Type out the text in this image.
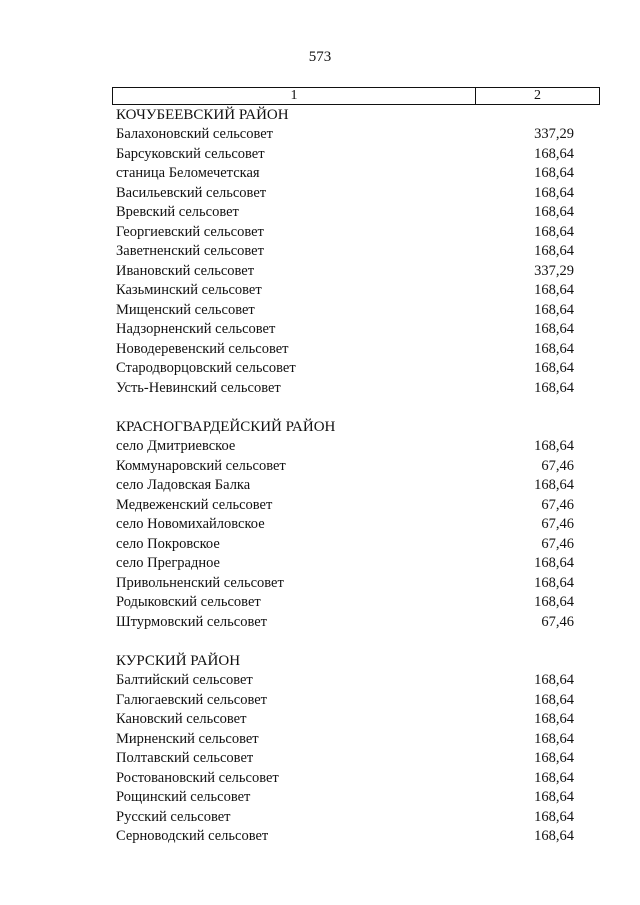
573
1	2
КОЧУБЕЕВСКИЙ РАЙОН
Балахоновский сельсовет	337,29
Барсуковский сельсовет	168,64
станица Беломечетская	168,64
Васильевский сельсовет	168,64
Вревский сельсовет	168,64
Георгиевский сельсовет	168,64
Заветненский сельсовет	168,64
Ивановский сельсовет	337,29
Казьминский сельсовет	168,64
Мищенский сельсовет	168,64
Надзорненский сельсовет	168,64
Новодеревенский сельсовет	168,64
Стародворцовский сельсовет	168,64
Усть-Невинский сельсовет	168,64
КРАСНОГВАРДЕЙСКИЙ РАЙОН
село Дмитриевское	168,64
Коммунаровский сельсовет	67,46
село Ладовская Балка	168,64
Медвеженский сельсовет	67,46
село Новомихайловское	67,46
село Покровское	67,46
село Преградное	168,64
Привольненский сельсовет	168,64
Родыковский сельсовет	168,64
Штурмовский сельсовет	67,46
КУРСКИЙ РАЙОН
Балтийский сельсовет	168,64
Галюгаевский сельсовет	168,64
Кановский сельсовет	168,64
Мирненский сельсовет	168,64
Полтавский сельсовет	168,64
Ростовановский сельсовет	168,64
Рощинский сельсовет	168,64
Русский сельсовет	168,64
Серноводский сельсовет	168,64
